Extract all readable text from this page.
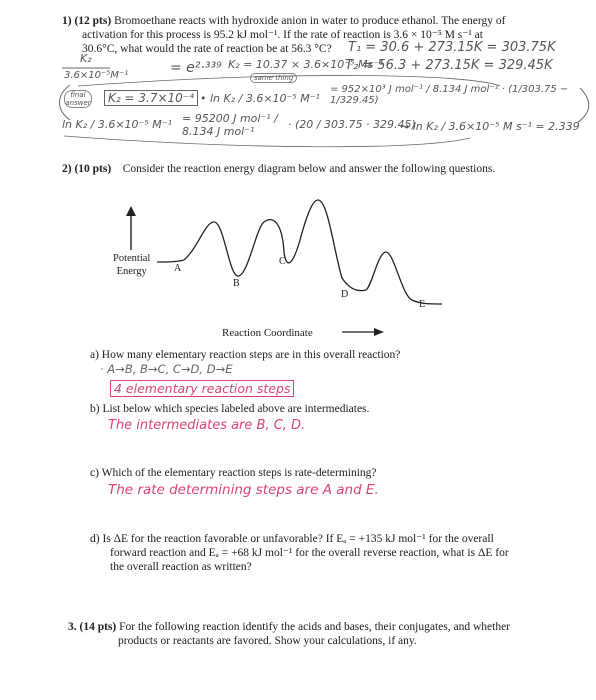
1) (12 pts) Bromoethane reacts with hydroxide anion in water to produce ethanol. The energy of
activation for this process is 95.2 kJ mol⁻¹. If the rate of reaction is 3.6 × 10⁻⁵ M s⁻¹ at
30.6°C, what would the rate of reaction be at 56.3 °C?	T₁ = 30.6 + 273.15K = 303.75K
K₂	T₂ = 56.3 + 273.15K = 329.45K
3.6×10⁻⁵M⁻¹	= e²·³³⁹ K₂ = 10.37 × 3.6×10⁻⁵ Ms⁻¹
final answer
same thing
K₂ = 3.7×10⁻⁴ • ln K₂ / 3.6×10⁻⁵ M⁻¹
= 952×10³ J mol⁻¹ / 8.134 J mol⁻¹ · (1/303.75 − 1/329.45)
ln K₂ / 3.6×10⁻⁵ M⁻¹ = 95200 J mol⁻¹ / 8.134 J mol⁻¹
· (20 / 303.75 · 329.45)
→ ln K₂ / 3.6×10⁻⁵ M s⁻¹ = 2.339
2) (10 pts) Consider the reaction energy diagram below and answer the following questions.
Potential
Energy
Reaction Coordinate
A
B
C
D
E
a) How many elementary reaction steps are in this overall reaction?
· A→B, B→C, C→D, D→E
4 elementary reaction steps
b) List below which species labeled above are intermediates.
The intermediates are B, C, D.
c) Which of the elementary reaction steps is rate-determining?
The rate determining steps are A and E.
d) Is ΔE for the reaction favorable or unfavorable? If Eₐ = +135 kJ mol⁻¹ for the overall
forward reaction and Eₐ = +68 kJ mol⁻¹ for the overall reverse reaction, what is ΔE for
the overall reaction as written?
3. (14 pts) For the following reaction identify the acids and bases, their conjugates, and whether
products or reactants are favored. Show your calculations, if any.
